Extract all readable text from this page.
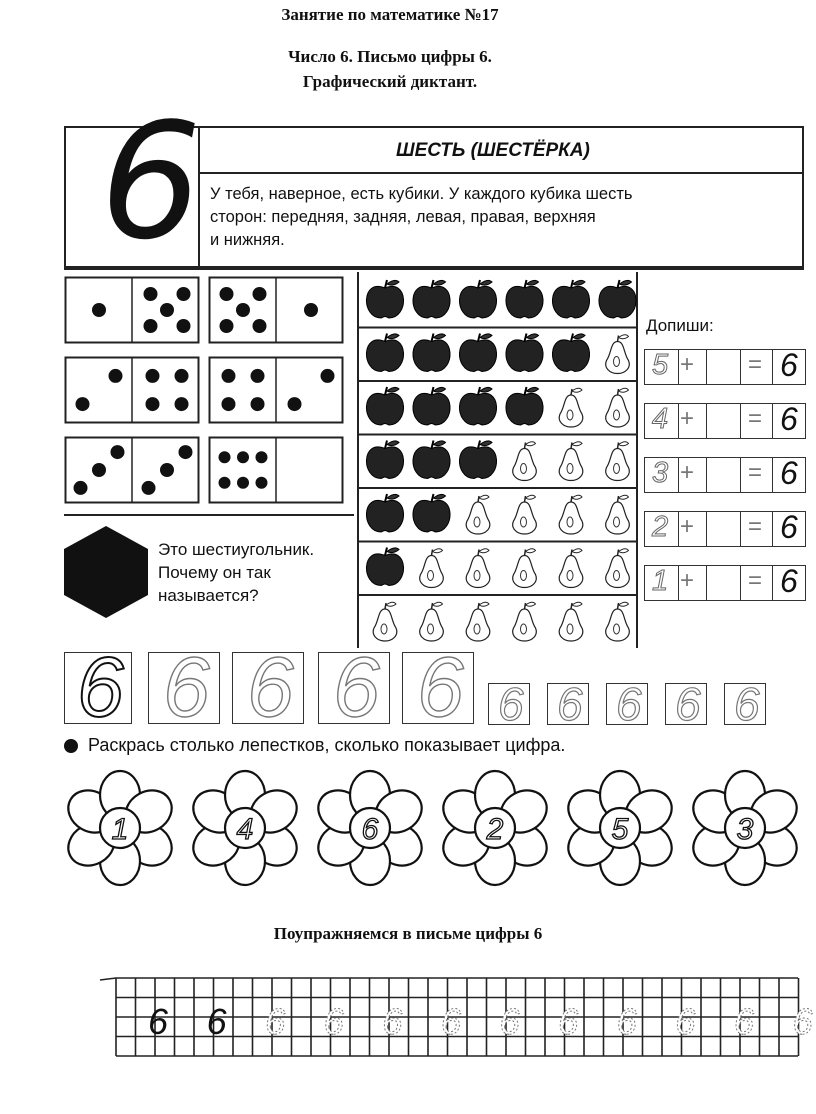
Занятие по математике №17
Число 6. Письмо цифры 6.
Графический диктант.
6	ШЕСТЬ (ШЕСТЁРКА)
У тебя, наверное, есть кубики. У каждого кубика шесть
сторон: передняя, задняя, левая, правая, верхняя
и нижняя.
Допиши:
5 + = 6
4 + = 6
3 + = 6
2 + = 6
1 + = 6
Это шестиугольник.
Почему он так
называется?
6 6 6 6 6 6 6 6 6 6
Раскрась столько лепестков, сколько показывает цифра.
1	4	6	2	5	3
Поупражняемся в письме цифры 6
6 6 6 6 6 6 6 6 6 6 6 6
